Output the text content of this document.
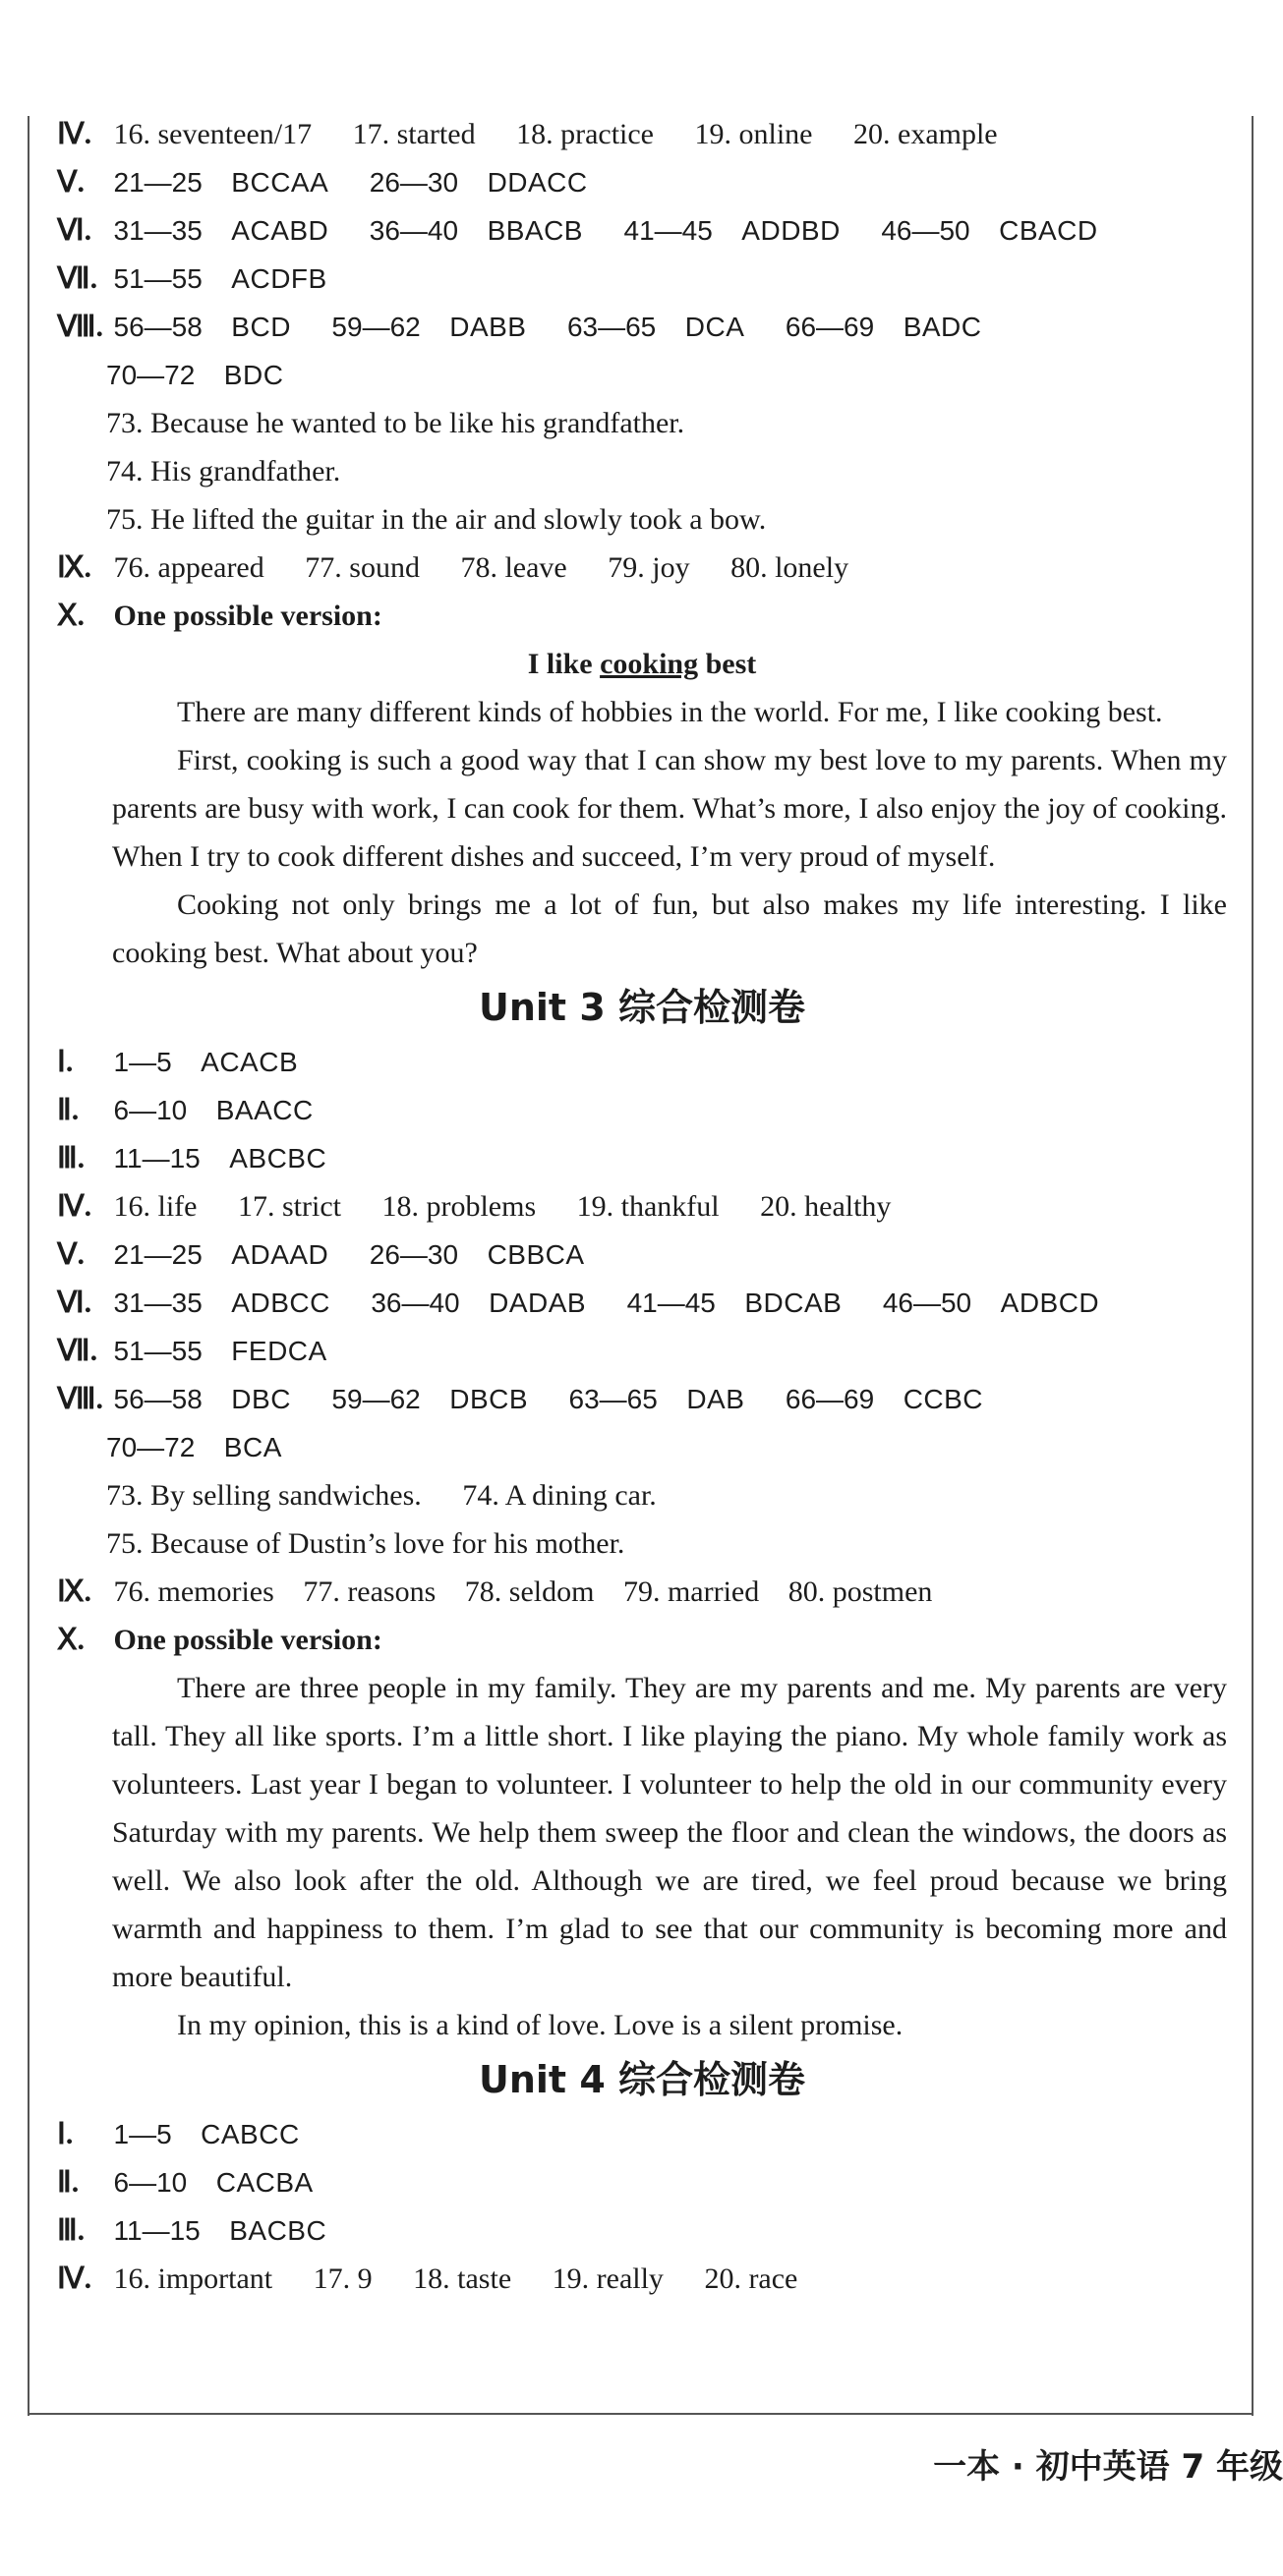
Ⅳ. 16. seventeen/17 17. started 18. practice 19. online 20. example
Ⅴ. 21—25 BCCAA 26—30 DDACC
Ⅵ. 31—35 ACABD 36—40 BBACB 41—45 ADDBD 46—50 CBACD
Ⅶ. 51—55 ACDFB
Ⅷ. 56—58 BCD 59—62 DABB 63—65 DCA 66—69 BADC
70—72 BDC
73. Because he wanted to be like his grandfather.
74. His grandfather.
75. He lifted the guitar in the air and slowly took a bow.
Ⅸ. 76. appeared 77. sound 78. leave 79. joy 80. lonely
Ⅹ. One possible version:
I like cooking best

There are many different kinds of hobbies in the world. For me, I like cooking best.

First, cooking is such a good way that I can show my best love to my parents. When my parents are busy with work, I can cook for them. What’s more, I also enjoy the joy of cooking. When I try to cook different dishes and succeed, I’m very proud of myself.

Cooking not only brings me a lot of fun, but also makes my life interesting. I like cooking best. What about you?

Unit 3 综合检测卷
Ⅰ. 1—5 ACACB
Ⅱ. 6—10 BAACC
Ⅲ. 11—15 ABCBC
Ⅳ. 16. life 17. strict 18. problems 19. thankful 20. healthy
Ⅴ. 21—25 ADAAD 26—30 CBBCA
Ⅵ. 31—35 ADBCC 36—40 DADAB 41—45 BDCAB 46—50 ADBCD
Ⅶ. 51—55 FEDCA
Ⅷ. 56—58 DBC 59—62 DBCB 63—65 DAB 66—69 CCBC
70—72 BCA
73. By selling sandwiches. 74. A dining car.
75. Because of Dustin’s love for his mother.
Ⅸ. 76. memories 77. reasons 78. seldom 79. married 80. postmen
Ⅹ. One possible version:

There are three people in my family. They are my parents and me. My parents are very tall. They all like sports. I’m a little short. I like playing the piano. My whole family work as volunteers. Last year I began to volunteer. I volunteer to help the old in our community every Saturday with my parents. We help them sweep the floor and clean the windows, the doors as well. We also look after the old. Although we are tired, we feel proud because we bring warmth and happiness to them. I’m glad to see that our community is becoming more and more beautiful.

In my opinion, this is a kind of love. Love is a silent promise.

Unit 4 综合检测卷
Ⅰ. 1—5 CABCC
Ⅱ. 6—10 CACBA
Ⅲ. 11—15 BACBC
Ⅳ. 16. important 17. 9 18. taste 19. really 20. race
一本 · 初中英语 7 年级
